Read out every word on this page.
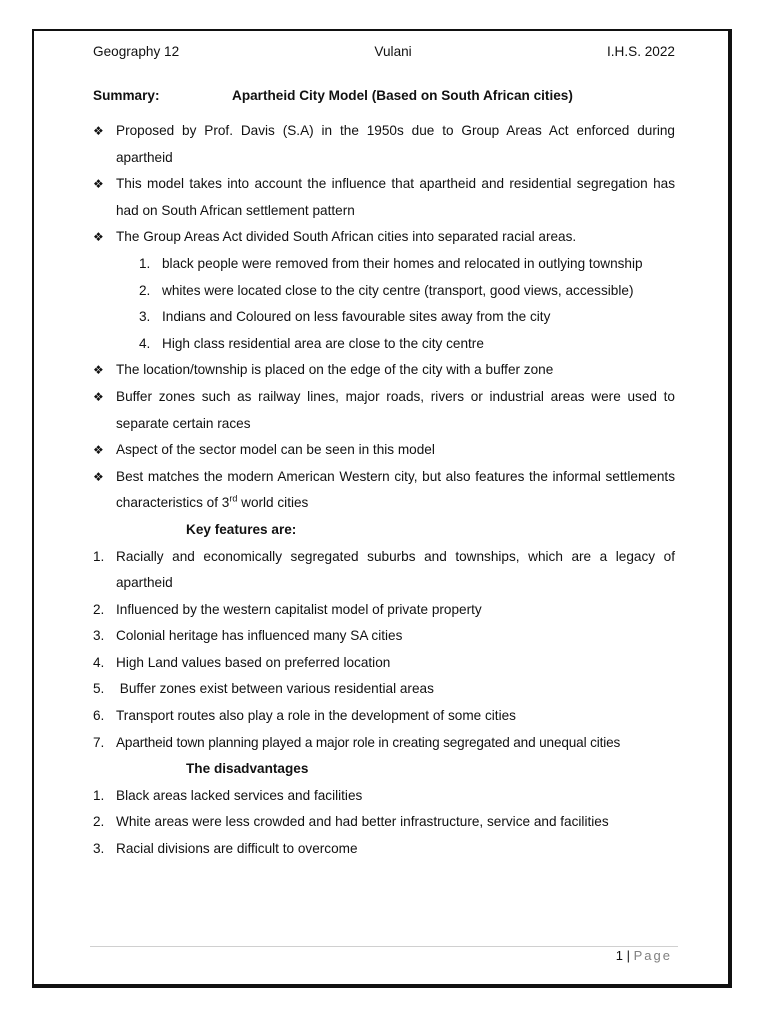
Geography 12	Vulani	I.H.S. 2022
Summary:	Apartheid City Model (Based on South African cities)
❖ Proposed by Prof. Davis (S.A) in the 1950s due to Group Areas Act enforced during apartheid
❖ This model takes into account the influence that apartheid and residential segregation has had on South African settlement pattern
❖ The Group Areas Act divided South African cities into separated racial areas.
1. black people were removed from their homes and relocated in outlying township
2. whites were located close to the city centre (transport, good views, accessible)
3. Indians and Coloured on less favourable sites away from the city
4. High class residential area are close to the city centre
❖ The location/township is placed on the edge of the city with a buffer zone
❖ Buffer zones such as railway lines, major roads, rivers or industrial areas were used to separate certain races
❖ Aspect of the sector model can be seen in this model
❖ Best matches the modern American Western city, but also features the informal settlements characteristics of 3rd world cities
Key features are:
1. Racially and economically segregated suburbs and townships, which are a legacy of apartheid
2. Influenced by the western capitalist model of private property
3. Colonial heritage has influenced many SA cities
4. High Land values based on preferred location
5. Buffer zones exist between various residential areas
6. Transport routes also play a role in the development of some cities
7. Apartheid town planning played a major role in creating segregated and unequal cities
The disadvantages
1. Black areas lacked services and facilities
2. White areas were less crowded and had better infrastructure, service and facilities
3. Racial divisions are difficult to overcome
1 | Page
